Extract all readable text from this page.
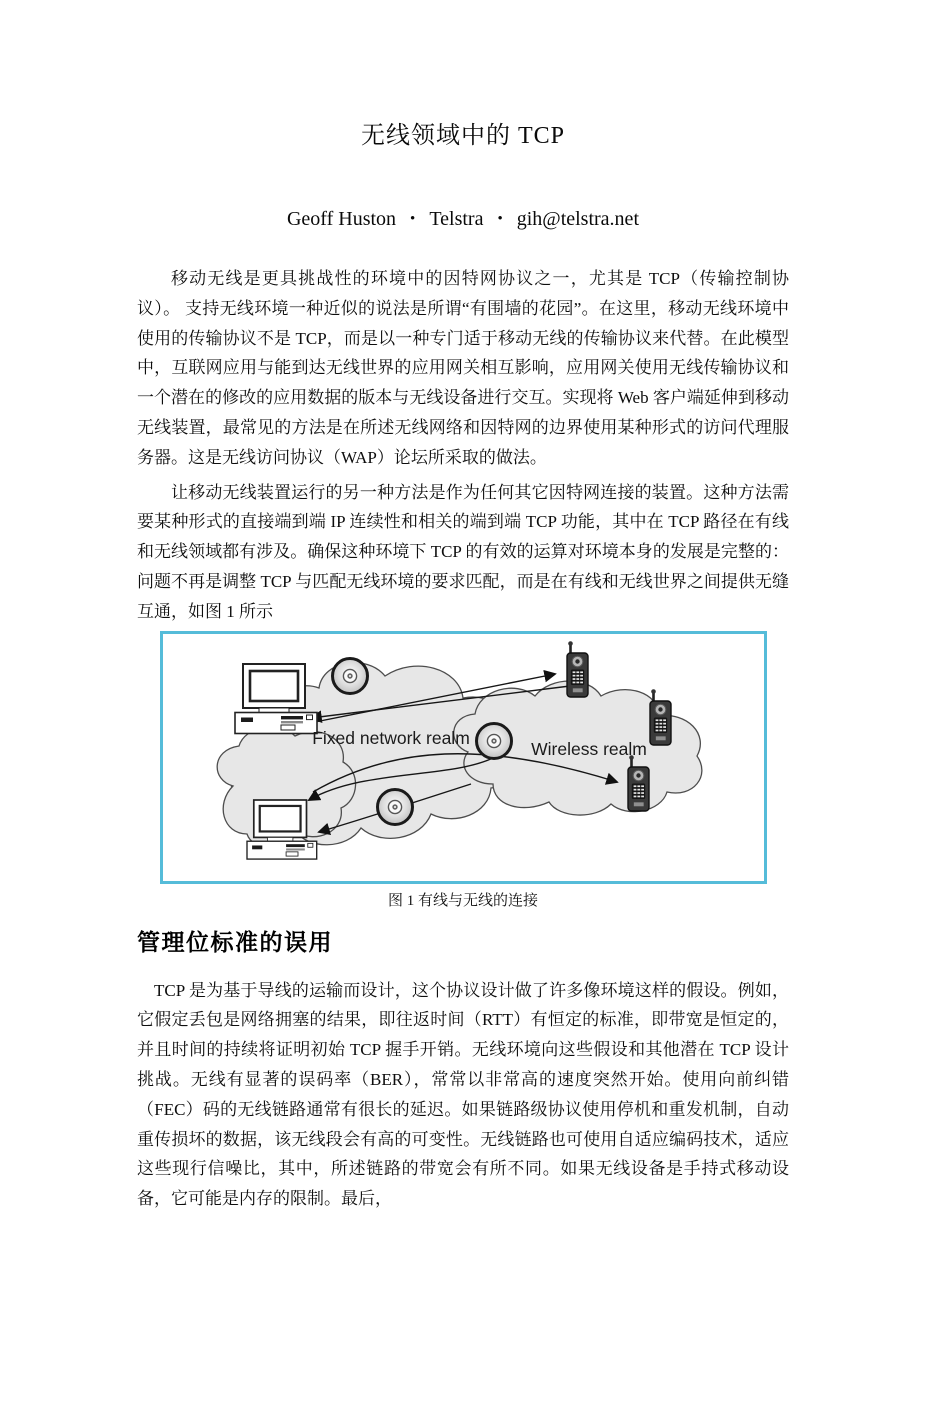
无线领域中的 TCP
Geoff Huston • Telstra • gih@telstra.net

移动无线是更具挑战性的环境中的因特网协议之一，尤其是 TCP（传输控制协议）。 支持无线环境一种近似的说法是所谓“有围墙的花园”。在这里，移动无线环境中使用的传输协议不是 TCP，而是以一种专门适于移动无线的传输协议来代替。在此模型中，互联网应用与能到达无线世界的应用网关相互影响，应用网关使用无线传输协议和一个潜在的修改的应用数据的版本与无线设备进行交互。实现将 Web 客户端延伸到移动无线装置，最常见的方法是在所述无线网络和因特网的边界使用某种形式的访问代理服务器。这是无线访问协议（WAP）论坛所采取的做法。

让移动无线装置运行的另一种方法是作为任何其它因特网连接的装置。这种方法需要某种形式的直接端到端 IP 连续性和相关的端到端 TCP 功能，其中在 TCP 路径在有线和无线领域都有涉及。确保这种环境下 TCP 的有效的运算对环境本身的发展是完整的：问题不再是调整 TCP 与匹配无线环境的要求匹配，而是在有线和无线世界之间提供无缝互通，如图 1 所示

Fixed network realm
Wireless realm
图 1 有线与无线的连接
管理位标准的误用

TCP 是为基于导线的运输而设计，这个协议设计做了许多像环境这样的假设。例如，它假定丢包是网络拥塞的结果，即往返时间（RTT）有恒定的标准，即带宽是恒定的，并且时间的持续将证明初始 TCP 握手开销。无线环境向这些假设和其他潜在 TCP 设计挑战。无线有显著的误码率（BER），常常以非常高的速度突然开始。使用向前纠错（FEC）码的无线链路通常有很长的延迟。如果链路级协议使用停机和重发机制，自动重传损坏的数据，该无线段会有高的可变性。无线链路也可使用自适应编码技术，适应这些现行信噪比，其中，所述链路的带宽会有所不同。如果无线设备是手持式移动设备，它可能是内存的限制。最后，
